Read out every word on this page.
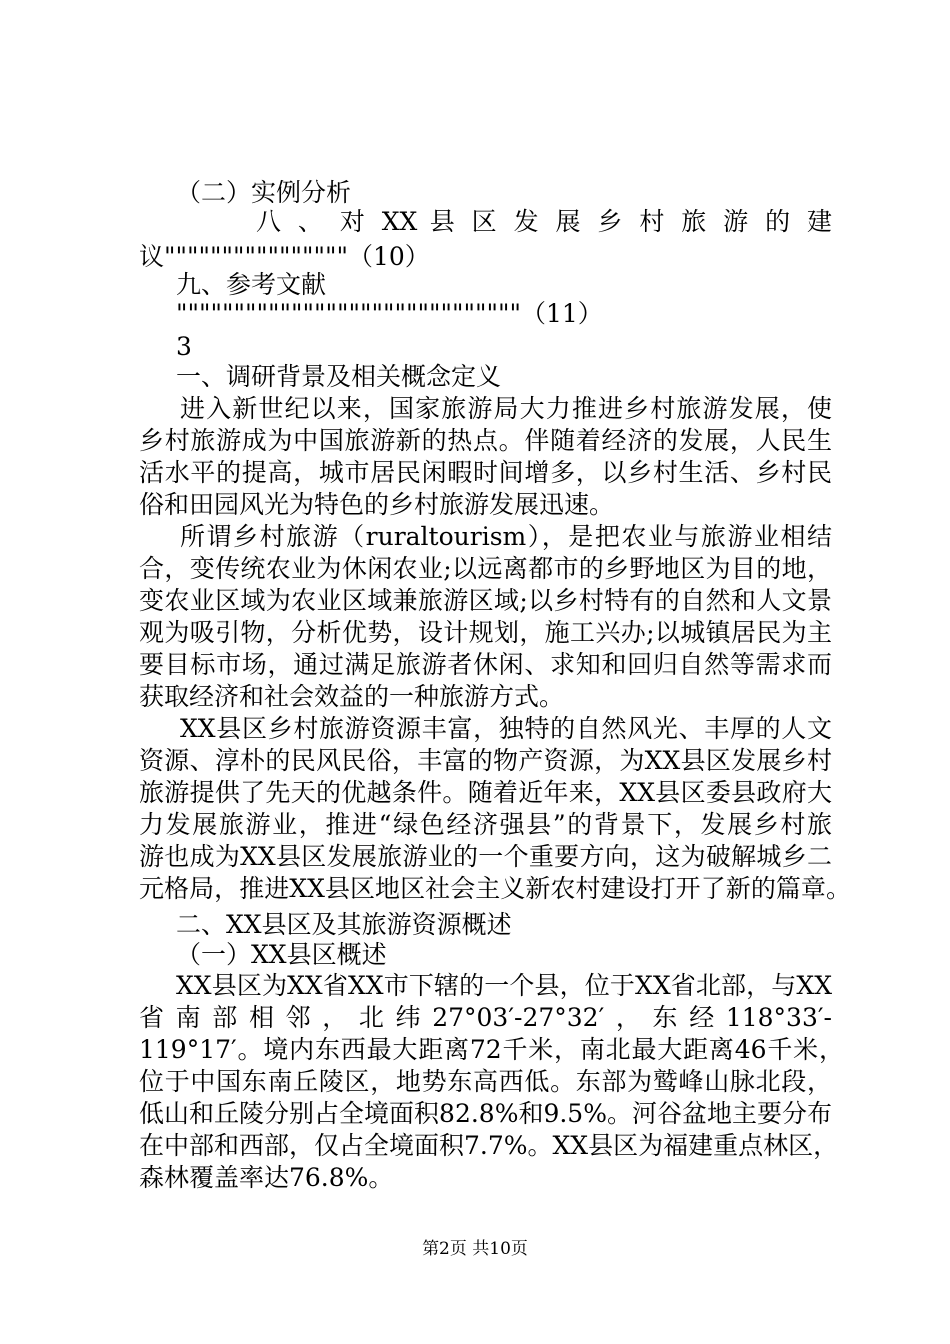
（二）实例分析
八 、 对 XX 县 区 发 展 乡 村 旅 游 的 建
议""""""""""""""""（10）
九、参考文献
""""""""""""""""""""""""""""""（11）
3
一、调研背景及相关概念定义
进入新世纪以来，国家旅游局大力推进乡村旅游发展，使
乡村旅游成为中国旅游新的热点。伴随着经济的发展，人民生
活水平的提高，城市居民闲暇时间增多，以乡村生活、乡村民
俗和田园风光为特色的乡村旅游发展迅速。
所谓乡村旅游（ruraltourism），是把农业与旅游业相结
合，变传统农业为休闲农业;以远离都市的乡野地区为目的地，
变农业区域为农业区域兼旅游区域;以乡村特有的自然和人文景
观为吸引物，分析优势，设计规划，施工兴办;以城镇居民为主
要目标市场，通过满足旅游者休闲、求知和回归自然等需求而
获取经济和社会效益的一种旅游方式。
XX县区乡村旅游资源丰富，独特的自然风光、丰厚的人文
资源、淳朴的民风民俗，丰富的物产资源，为XX县区发展乡村
旅游提供了先天的优越条件。随着近年来，XX县区委县政府大
力发展旅游业，推进“绿色经济强县”的背景下，发展乡村旅
游也成为XX县区发展旅游业的一个重要方向，这为破解城乡二
元格局，推进XX县区地区社会主义新农村建设打开了新的篇章。
二、XX县区及其旅游资源概述
（一）XX县区概述
XX县区为XX省XX市下辖的一个县，位于XX省北部，与XX
省南部相邻，北纬27°03′-27°32′，东经118°33′-
119°17′。境内东西最大距离72千米，南北最大距离46千米，
位于中国东南丘陵区，地势东高西低。东部为鹫峰山脉北段，
低山和丘陵分别占全境面积82.8%和9.5%。河谷盆地主要分布
在中部和西部，仅占全境面积7.7%。XX县区为福建重点林区，
森林覆盖率达76.8%。
第2页 共10页
